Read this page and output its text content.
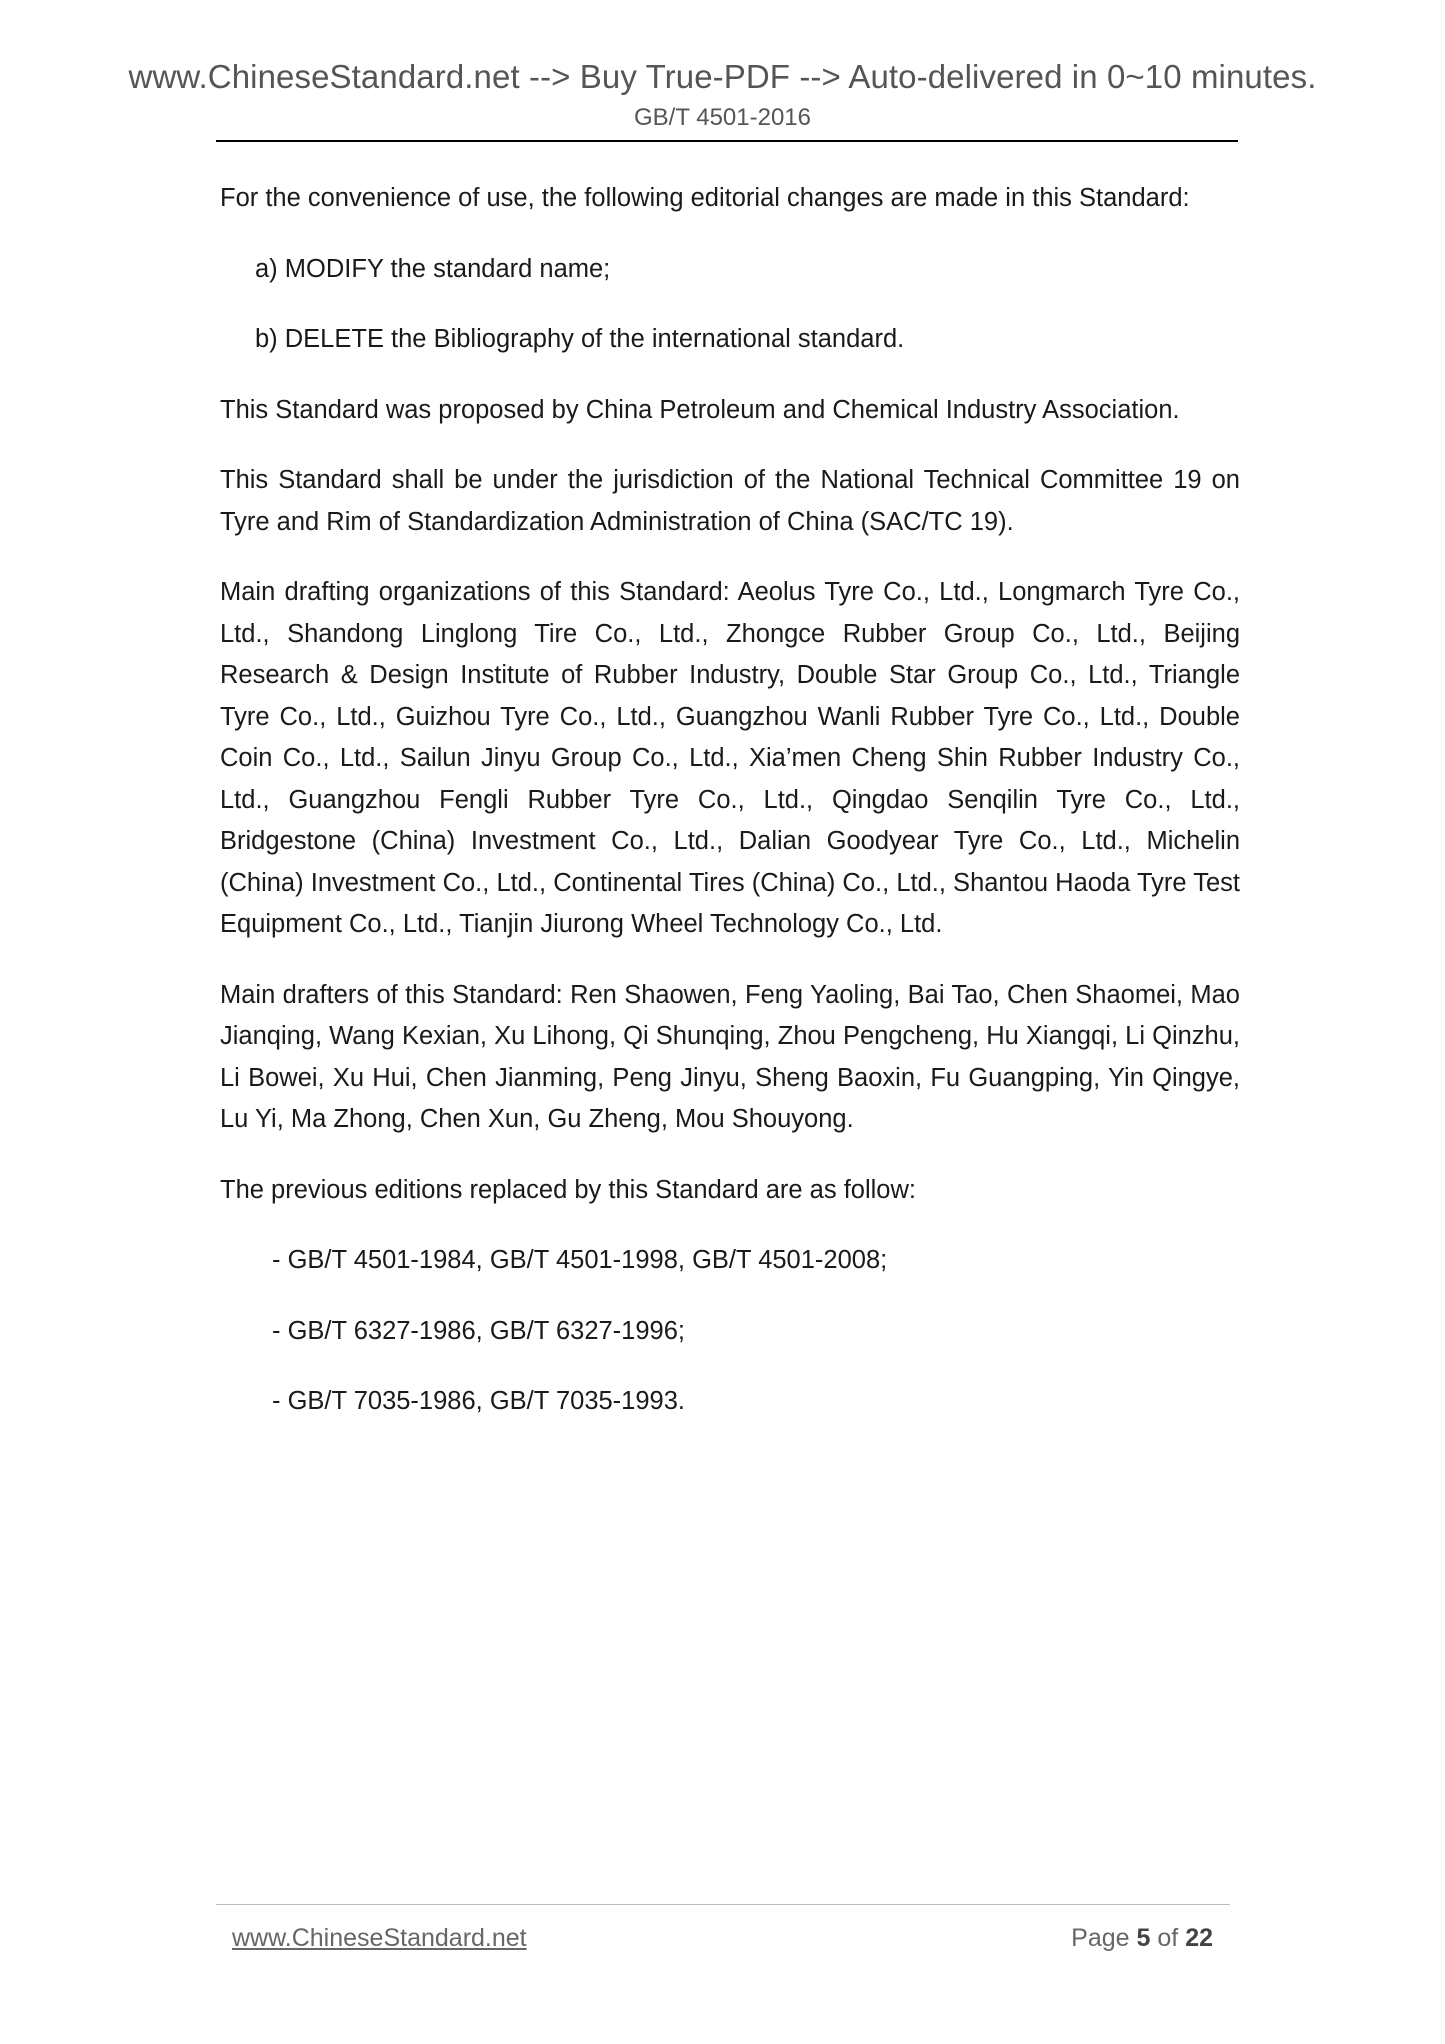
www.ChineseStandard.net --> Buy True-PDF --> Auto-delivered in 0~10 minutes.
GB/T 4501-2016

For the convenience of use, the following editorial changes are made in this Standard:

a) MODIFY the standard name;

b) DELETE the Bibliography of the international standard.

This Standard was proposed by China Petroleum and Chemical Industry Association.

This Standard shall be under the jurisdiction of the National Technical Committee 19 on Tyre and Rim of Standardization Administration of China (SAC/TC 19).

Main drafting organizations of this Standard: Aeolus Tyre Co., Ltd., Longmarch Tyre Co., Ltd., Shandong Linglong Tire Co., Ltd., Zhongce Rubber Group Co., Ltd., Beijing Research & Design Institute of Rubber Industry, Double Star Group Co., Ltd., Triangle Tyre Co., Ltd., Guizhou Tyre Co., Ltd., Guangzhou Wanli Rubber Tyre Co., Ltd., Double Coin Co., Ltd., Sailun Jinyu Group Co., Ltd., Xia’men Cheng Shin Rubber Industry Co., Ltd., Guangzhou Fengli Rubber Tyre Co., Ltd., Qingdao Senqilin Tyre Co., Ltd., Bridgestone (China) Investment Co., Ltd., Dalian Goodyear Tyre Co., Ltd., Michelin (China) Investment Co., Ltd., Continental Tires (China) Co., Ltd., Shantou Haoda Tyre Test Equipment Co., Ltd., Tianjin Jiurong Wheel Technology Co., Ltd.

Main drafters of this Standard: Ren Shaowen, Feng Yaoling, Bai Tao, Chen Shaomei, Mao Jianqing, Wang Kexian, Xu Lihong, Qi Shunqing, Zhou Pengcheng, Hu Xiangqi, Li Qinzhu, Li Bowei, Xu Hui, Chen Jianming, Peng Jinyu, Sheng Baoxin, Fu Guangping, Yin Qingye, Lu Yi, Ma Zhong, Chen Xun, Gu Zheng, Mou Shouyong.

The previous editions replaced by this Standard are as follow:

- GB/T 4501-1984, GB/T 4501-1998, GB/T 4501-2008;

- GB/T 6327-1986, GB/T 6327-1996;

- GB/T 7035-1986, GB/T 7035-1993.

www.ChineseStandard.net	Page 5 of 22
